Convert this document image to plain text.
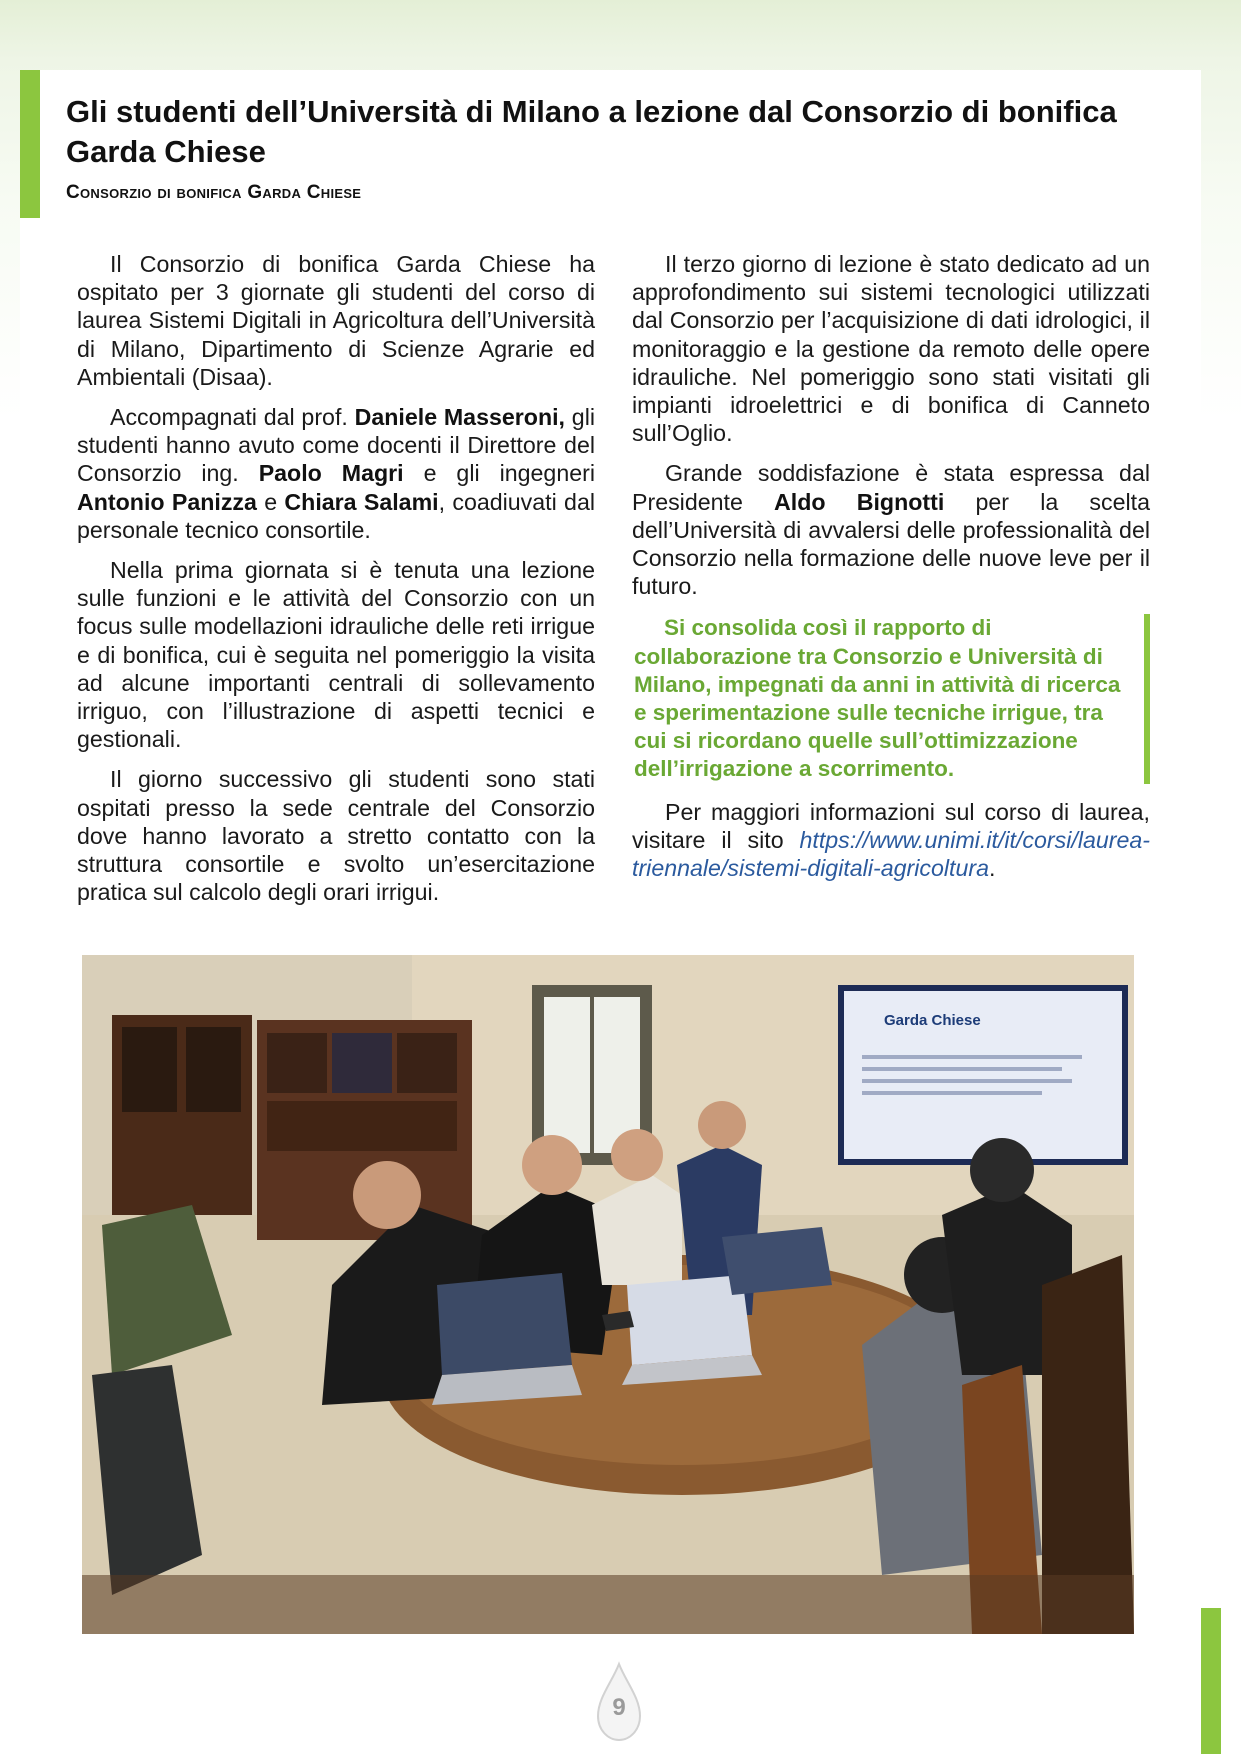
Gli studenti dell’Università di Milano a lezione dal Consorzio di bonifica Garda Chiese
Consorzio di bonifica Garda Chiese

Il Consorzio di bonifica Garda Chiese ha ospitato per 3 giornate gli studenti del corso di laurea Sistemi Digitali in Agricoltura dell’Università di Milano, Dipartimento di Scienze Agrarie ed Ambientali (Disaa).

Accompagnati dal prof. Daniele Masseroni, gli studenti hanno avuto come docenti il Direttore del Consorzio ing. Paolo Magri e gli ingegneri Antonio Panizza e Chiara Salami, coadiuvati dal personale tecnico consortile.

Nella prima giornata si è tenuta una lezione sulle funzioni e le attività del Consorzio con un focus sulle modellazioni idrauliche delle reti irrigue e di bonifica, cui è seguita nel pomeriggio la visita ad alcune importanti centrali di sollevamento irriguo, con l’illustrazione di aspetti tecnici e gestionali.

Il giorno successivo gli studenti sono stati ospitati presso la sede centrale del Consorzio dove hanno lavorato a stretto contatto con la struttura consortile e svolto un’esercitazione pratica sul calcolo degli orari irrigui.

Il terzo giorno di lezione è stato dedicato ad un approfondimento sui sistemi tecnologici utilizzati dal Consorzio per l’acquisizione di dati idrologici, il monitoraggio e la gestione da remoto delle opere idrauliche. Nel pomeriggio sono stati visitati gli impianti idroelettrici e di bonifica di Canneto sull’Oglio.

Grande soddisfazione è stata espressa dal Presidente Aldo Bignotti per la scelta dell’Università di avvalersi delle professionalità del Consorzio nella formazione delle nuove leve per il futuro.

Si consolida così il rapporto di collaborazione tra Consorzio e Università di Milano, impegnati da anni in attività di ricerca e sperimentazione sulle tecniche irrigue, tra cui si ricordano quelle sull’ottimizzazione dell’irrigazione a scorrimento.

Per maggiori informazioni sul corso di laurea, visitare il sito https://www.unimi.it/it/corsi/laurea-triennale/sistemi-digitali-agricoltura.

Garda Chiese
9
